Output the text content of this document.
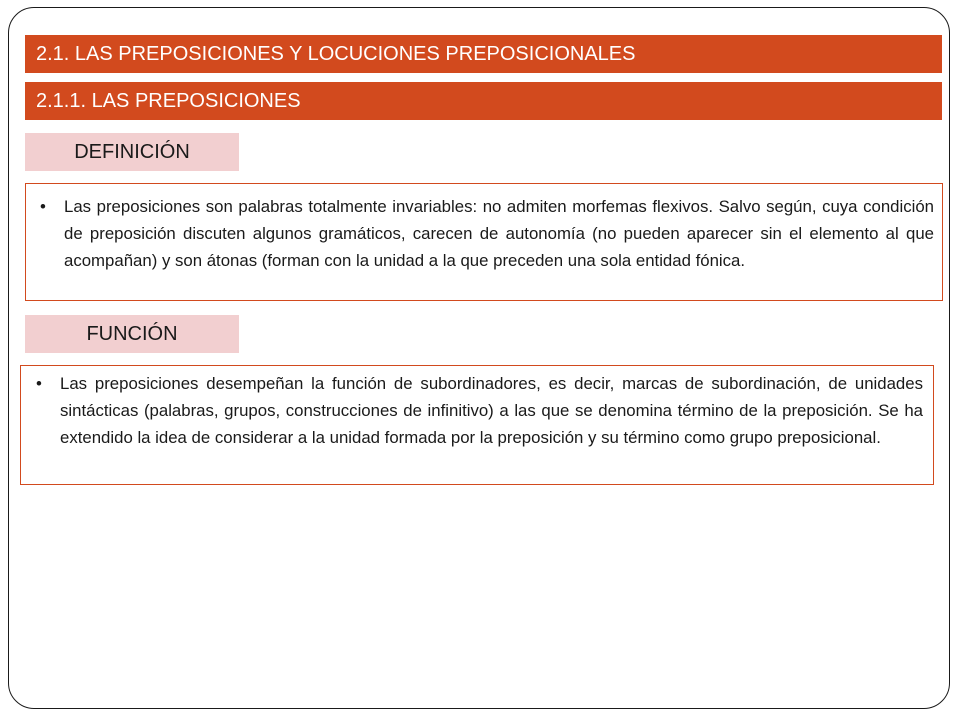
2.1. LAS PREPOSICIONES Y LOCUCIONES PREPOSICIONALES
2.1.1. LAS PREPOSICIONES
DEFINICIÓN

• Las preposiciones son palabras totalmente invariables: no admiten morfemas flexivos. Salvo según, cuya condición de preposición discuten algunos gramáticos, carecen de autonomía (no pueden aparecer sin el elemento al que acompañan) y son átonas (forman con la unidad a la que preceden una sola entidad fónica.

FUNCIÓN

• Las preposiciones desempeñan la función de subordinadores, es decir, marcas de subordinación, de unidades sintácticas (palabras, grupos, construcciones de infinitivo) a las que se denomina término de la preposición. Se ha extendido la idea de considerar a la unidad formada por la preposición y su término como grupo preposicional.
